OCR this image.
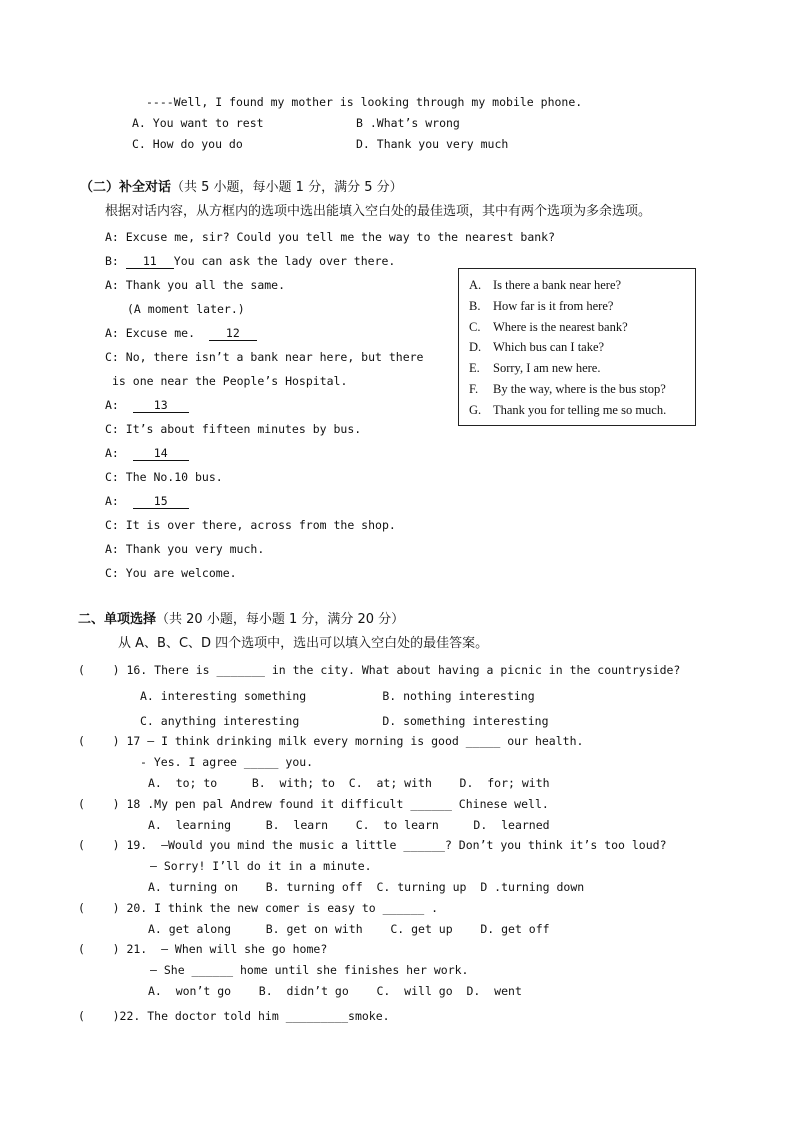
----Well, I found my mother is looking through my mobile phone.
A. You want to rest	B .What’s wrong
C. How do you do	D. Thank you very much
（二）补全对话（共 5 小题，每小题 1 分，满分 5 分）
根据对话内容，从方框内的选项中选出能填入空白处的最佳选项，其中有两个选项为多余选项。
A: Excuse me, sir? Could you tell me the way to the nearest bank?
B: 11 You can ask the lady over there.
A: Thank you all the same.
(A moment later.)
A: Excuse me.  12
C: No, there isn’t a bank near here, but there
is one near the People’s Hospital.
A:  13
C: It’s about fifteen minutes by bus.
A:  14
C: The No.10 bus.
A:  15
C: It is over there, across from the shop.
A: Thank you very much.
C: You are welcome.
A. Is there a bank near here?
B. How far is it from here?
C. Where is the nearest bank?
D. Which bus can I take?
E. Sorry, I am new here.
F. By the way, where is the bus stop?
G. Thank you for telling me so much.
二、单项选择（共 20 小题，每小题 1 分，满分 20 分）
从 A、B、C、D 四个选项中，选出可以填入空白处的最佳答案。
(    ) 16. There is _______ in the city. What about having a picnic in the countryside?
A. interesting something           B. nothing interesting
C. anything interesting            D. something interesting
(    ) 17 – I think drinking milk every morning is good _____ our health.
- Yes. I agree _____ you.
A.  to; to     B.  with; to  C.  at; with    D.  for; with
(    ) 18 .My pen pal Andrew found it difficult ______ Chinese well.
A.  learning     B.  learn    C.  to learn     D.  learned
(    ) 19.  –Would you mind the music a little ______? Don’t you think it’s too loud?
– Sorry! I’ll do it in a minute.
A. turning on    B. turning off  C. turning up  D .turning down
(    ) 20. I think the new comer is easy to ______ .
A. get along     B. get on with    C. get up    D. get off
(    ) 21.  – When will she go home?
– She ______ home until she finishes her work.
A.  won’t go    B.  didn’t go    C.  will go  D.  went
(    )22. The doctor told him _________smoke.
